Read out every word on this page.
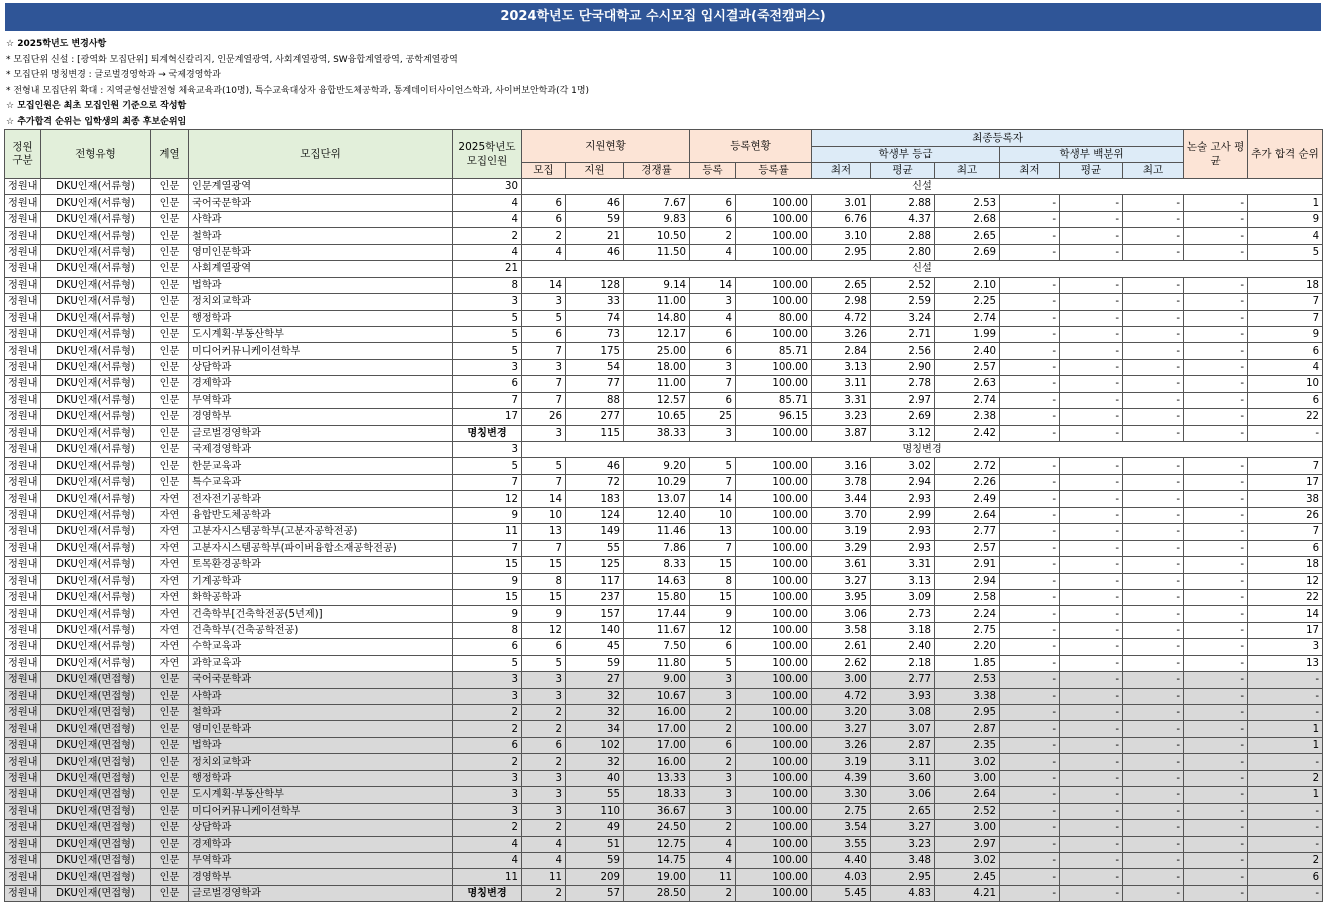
2024학년도 단국대학교 수시모집 입시결과(죽전캠퍼스)
☆ 2025학년도 변경사항
* 모집단위 신설 : [광역화 모집단위] 퇴계혁신칼리지, 인문계열광역, 사회계열광역, SW융합계열광역, 공학계열광역
* 모집단위 명칭변경 : 글로벌경영학과 → 국제경영학과
* 전형내 모집단위 확대 : 지역균형선발전형 체육교육과(10명), 특수교육대상자 융합반도체공학과, 통계데이터사이언스학과, 사이버보안학과(각 1명)
☆ 모집인원은 최초 모집인원 기준으로 작성함
☆ 추가합격 순위는 입학생의 최종 후보순위임
정원 구분	전형유형	계열	모집단위	2025학년도 모집인원	지원현황			등록현황		최종등록자						논술 고사 평균	추가 합격 순위
										학생부 등급			학생부 백분위				
					모집	지원	경쟁률	등록	등록률	최저	평균	최고	최저	평균	최고		
정원내	DKU인재(서류형)	인문	인문계열광역	30	신설												
정원내	DKU인재(서류형)	인문	국어국문학과	4	6	46	7.67	6	100.00	3.01	2.88	2.53	-	-	-	-	1
정원내	DKU인재(서류형)	인문	사학과	4	6	59	9.83	6	100.00	6.76	4.37	2.68	-	-	-	-	9
정원내	DKU인재(서류형)	인문	철학과	2	2	21	10.50	2	100.00	3.10	2.88	2.65	-	-	-	-	4
정원내	DKU인재(서류형)	인문	영미인문학과	4	4	46	11.50	4	100.00	2.95	2.80	2.69	-	-	-	-	5
정원내	DKU인재(서류형)	인문	사회계열광역	21	신설												
정원내	DKU인재(서류형)	인문	법학과	8	14	128	9.14	14	100.00	2.65	2.52	2.10	-	-	-	-	18
정원내	DKU인재(서류형)	인문	정치외교학과	3	3	33	11.00	3	100.00	2.98	2.59	2.25	-	-	-	-	7
정원내	DKU인재(서류형)	인문	행정학과	5	5	74	14.80	4	80.00	4.72	3.24	2.74	-	-	-	-	7
정원내	DKU인재(서류형)	인문	도시계획·부동산학부	5	6	73	12.17	6	100.00	3.26	2.71	1.99	-	-	-	-	9
정원내	DKU인재(서류형)	인문	미디어커뮤니케이션학부	5	7	175	25.00	6	85.71	2.84	2.56	2.40	-	-	-	-	6
정원내	DKU인재(서류형)	인문	상담학과	3	3	54	18.00	3	100.00	3.13	2.90	2.57	-	-	-	-	4
정원내	DKU인재(서류형)	인문	경제학과	6	7	77	11.00	7	100.00	3.11	2.78	2.63	-	-	-	-	10
정원내	DKU인재(서류형)	인문	무역학과	7	7	88	12.57	6	85.71	3.31	2.97	2.74	-	-	-	-	6
정원내	DKU인재(서류형)	인문	경영학부	17	26	277	10.65	25	96.15	3.23	2.69	2.38	-	-	-	-	22
정원내	DKU인재(서류형)	인문	글로벌경영학과	명칭변경	3	115	38.33	3	100.00	3.87	3.12	2.42	-	-	-	-	-
정원내	DKU인재(서류형)	인문	국제경영학과	3	명칭변경												
정원내	DKU인재(서류형)	인문	한문교육과	5	5	46	9.20	5	100.00	3.16	3.02	2.72	-	-	-	-	7
정원내	DKU인재(서류형)	인문	특수교육과	7	7	72	10.29	7	100.00	3.78	2.94	2.26	-	-	-	-	17
정원내	DKU인재(서류형)	자연	전자전기공학과	12	14	183	13.07	14	100.00	3.44	2.93	2.49	-	-	-	-	38
정원내	DKU인재(서류형)	자연	융합반도체공학과	9	10	124	12.40	10	100.00	3.70	2.99	2.64	-	-	-	-	26
정원내	DKU인재(서류형)	자연	고분자시스템공학부(고분자공학전공)	11	13	149	11.46	13	100.00	3.19	2.93	2.77	-	-	-	-	7
정원내	DKU인재(서류형)	자연	고분자시스템공학부(파이버융합소재공학전공)	7	7	55	7.86	7	100.00	3.29	2.93	2.57	-	-	-	-	6
정원내	DKU인재(서류형)	자연	토목환경공학과	15	15	125	8.33	15	100.00	3.61	3.31	2.91	-	-	-	-	18
정원내	DKU인재(서류형)	자연	기계공학과	9	8	117	14.63	8	100.00	3.27	3.13	2.94	-	-	-	-	12
정원내	DKU인재(서류형)	자연	화학공학과	15	15	237	15.80	15	100.00	3.95	3.09	2.58	-	-	-	-	22
정원내	DKU인재(서류형)	자연	건축학부[건축학전공(5년제)]	9	9	157	17.44	9	100.00	3.06	2.73	2.24	-	-	-	-	14
정원내	DKU인재(서류형)	자연	건축학부(건축공학전공)	8	12	140	11.67	12	100.00	3.58	3.18	2.75	-	-	-	-	17
정원내	DKU인재(서류형)	자연	수학교육과	6	6	45	7.50	6	100.00	2.61	2.40	2.20	-	-	-	-	3
정원내	DKU인재(서류형)	자연	과학교육과	5	5	59	11.80	5	100.00	2.62	2.18	1.85	-	-	-	-	13
정원내	DKU인재(면접형)	인문	국어국문학과	3	3	27	9.00	3	100.00	3.00	2.77	2.53	-	-	-	-	-
정원내	DKU인재(면접형)	인문	사학과	3	3	32	10.67	3	100.00	4.72	3.93	3.38	-	-	-	-	-
정원내	DKU인재(면접형)	인문	철학과	2	2	32	16.00	2	100.00	3.20	3.08	2.95	-	-	-	-	-
정원내	DKU인재(면접형)	인문	영미인문학과	2	2	34	17.00	2	100.00	3.27	3.07	2.87	-	-	-	-	1
정원내	DKU인재(면접형)	인문	법학과	6	6	102	17.00	6	100.00	3.26	2.87	2.35	-	-	-	-	1
정원내	DKU인재(면접형)	인문	정치외교학과	2	2	32	16.00	2	100.00	3.19	3.11	3.02	-	-	-	-	-
정원내	DKU인재(면접형)	인문	행정학과	3	3	40	13.33	3	100.00	4.39	3.60	3.00	-	-	-	-	2
정원내	DKU인재(면접형)	인문	도시계획·부동산학부	3	3	55	18.33	3	100.00	3.30	3.06	2.64	-	-	-	-	1
정원내	DKU인재(면접형)	인문	미디어커뮤니케이션학부	3	3	110	36.67	3	100.00	2.75	2.65	2.52	-	-	-	-	-
정원내	DKU인재(면접형)	인문	상담학과	2	2	49	24.50	2	100.00	3.54	3.27	3.00	-	-	-	-	-
정원내	DKU인재(면접형)	인문	경제학과	4	4	51	12.75	4	100.00	3.55	3.23	2.97	-	-	-	-	-
정원내	DKU인재(면접형)	인문	무역학과	4	4	59	14.75	4	100.00	4.40	3.48	3.02	-	-	-	-	2
정원내	DKU인재(면접형)	인문	경영학부	11	11	209	19.00	11	100.00	4.03	2.95	2.45	-	-	-	-	6
정원내	DKU인재(면접형)	인문	글로벌경영학과	명칭변경	2	57	28.50	2	100.00	5.45	4.83	4.21	-	-	-	-	-
